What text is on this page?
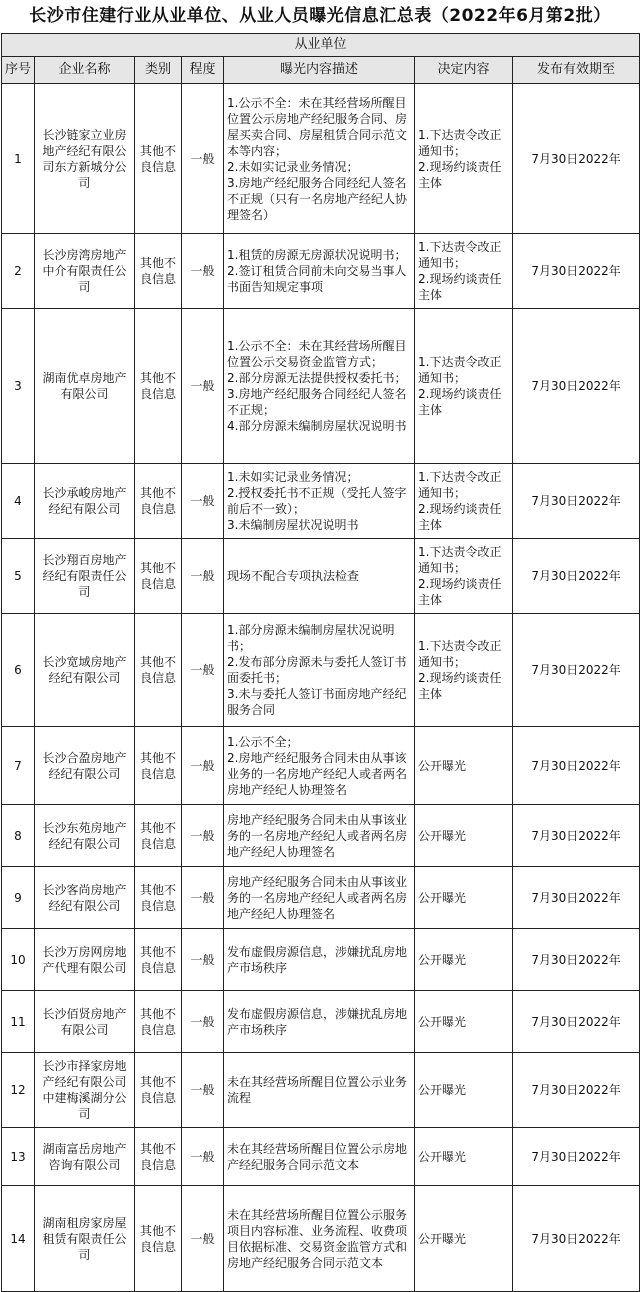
长沙市住建行业从业单位、从业人员曝光信息汇总表（2022年6月第2批）
从业单位						
序号	企业名称	类别	程度	曝光内容描述	决定内容	发布有效期至
1	长沙链家立业房地产经纪有限公司东方新城分公司	其他不良信息	一般	1.公示不全：未在其经营场所醒目位置公示房地产经纪服务合同、房屋买卖合同、房屋租赁合同示范文本等内容；
2.未如实记录业务情况；
3.房地产经纪服务合同经纪人签名不正规（只有一名房地产经纪人协理签名）	1.下达责令改正通知书；
2.现场约谈责任主体	7月30日2022年
2	长沙房湾房地产中介有限责任公司	其他不良信息	一般	1.租赁的房源无房源状况说明书；
2.签订租赁合同前未向交易当事人书面告知规定事项	1.下达责令改正通知书；
2.现场约谈责任主体	7月30日2022年
3	湖南优卓房地产有限公司	其他不良信息	一般	1.公示不全：未在其经营场所醒目位置公示交易资金监管方式；
2.部分房源无法提供授权委托书；
3.房地产经纪服务合同经纪人签名不正规；
4.部分房源未编制房屋状况说明书	1.下达责令改正通知书；
2.现场约谈责任主体	7月30日2022年
4	长沙承峻房地产经纪有限公司	其他不良信息	一般	1.未如实记录业务情况；
2.授权委托书不正规（受托人签字前后不一致）；
3.未编制房屋状况说明书	1.下达责令改正通知书；
2.现场约谈责任主体	7月30日2022年
5	长沙翔百房地产经纪有限责任公司	其他不良信息	一般	现场不配合专项执法检查	1.下达责令改正通知书；
2.现场约谈责任主体	7月30日2022年
6	长沙宽域房地产经纪有限公司	其他不良信息	一般	1.部分房源未编制房屋状况说明书；
2.发布部分房源未与委托人签订书面委托书；
3.未与委托人签订书面房地产经纪服务合同	1.下达责令改正通知书；
2.现场约谈责任主体	7月30日2022年
7	长沙合盈房地产经纪有限公司	其他不良信息	一般	1.公示不全；
2.房地产经纪服务合同未由从事该业务的一名房地产经纪人或者两名房地产经纪人协理签名	公开曝光	7月30日2022年
8	长沙东苑房地产经纪有限公司	其他不良信息	一般	房地产经纪服务合同未由从事该业务的一名房地产经纪人或者两名房地产经纪人协理签名	公开曝光	7月30日2022年
9	长沙客尚房地产经纪有限公司	其他不良信息	一般	房地产经纪服务合同未由从事该业务的一名房地产经纪人或者两名房地产经纪人协理签名	公开曝光	7月30日2022年
10	长沙万房网房地产代理有限公司	其他不良信息	一般	发布虚假房源信息，涉嫌扰乱房地产市场秩序	公开曝光	7月30日2022年
11	长沙佰贤房地产有限公司	其他不良信息	一般	发布虚假房源信息，涉嫌扰乱房地产市场秩序	公开曝光	7月30日2022年
12	长沙市择家房地产经纪有限公司中建梅溪湖分公司	其他不良信息	一般	未在其经营场所醒目位置公示业务流程	公开曝光	7月30日2022年
13	湖南富岳房地产咨询有限公司	其他不良信息	一般	未在其经营场所醒目位置公示房地产经纪服务合同示范文本	公开曝光	7月30日2022年
14	湖南租房家房屋租赁有限责任公司	其他不良信息	一般	未在其经营场所醒目位置公示服务项目内容标准、业务流程、收费项目依据标准、交易资金监管方式和房地产经纪服务合同示范文本	公开曝光	7月30日2022年
